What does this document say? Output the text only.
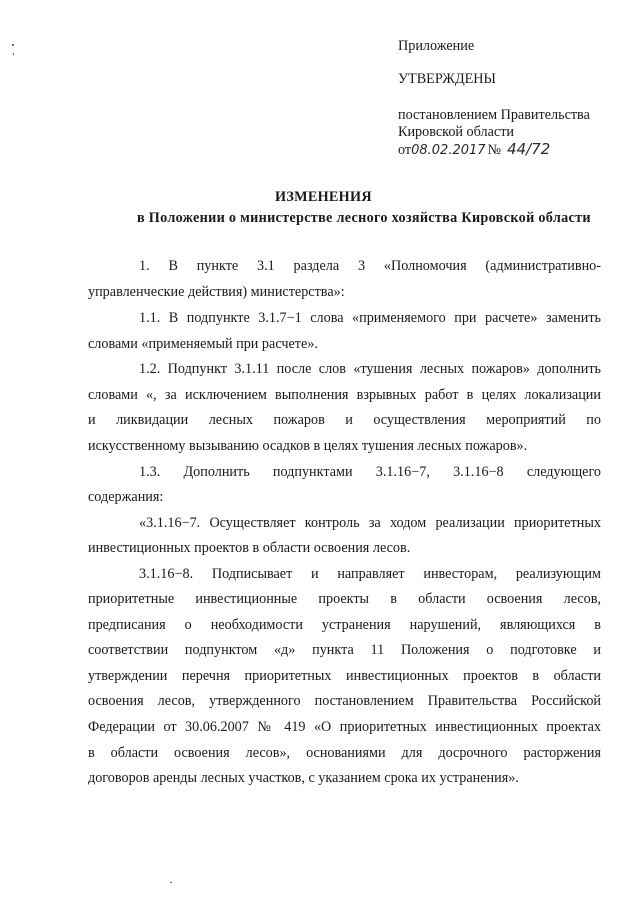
Приложение
УТВЕРЖДЕНЫ
постановлением Правительства
Кировской области
от08.02.2017 № 44/72
ИЗМЕНЕНИЯ
в Положении о министерстве лесного хозяйства Кировской области
1. В пункте 3.1 раздела 3 «Полномочия (административно-
управленческие действия) министерства»:
1.1. В подпункте 3.1.7−1 слова «применяемого при расчете» заменить
словами «применяемый при расчете».
1.2. Подпункт 3.1.11 после слов «тушения лесных пожаров» дополнить
словами «, за исключением выполнения взрывных работ в целях локализации
и ликвидации лесных пожаров и осуществления мероприятий по
искусственному вызыванию осадков в целях тушения лесных пожаров».
1.3. Дополнить подпунктами 3.1.16−7, 3.1.16−8 следующего
содержания:
«3.1.16−7. Осуществляет контроль за ходом реализации приоритетных
инвестиционных проектов в области освоения лесов.
3.1.16−8. Подписывает и направляет инвесторам, реализующим
приоритетные инвестиционные проекты в области освоения лесов,
предписания о необходимости устранения нарушений, являющихся в
соответствии подпунктом «д» пункта 11 Положения о подготовке и
утверждении перечня приоритетных инвестиционных проектов в области
освоения лесов, утвержденного постановлением Правительства Российской
Федерации от 30.06.2007 № 419 «О приоритетных инвестиционных проектах
в области освоения лесов», основаниями для досрочного расторжения
договоров аренды лесных участков, с указанием срока их устранения».
